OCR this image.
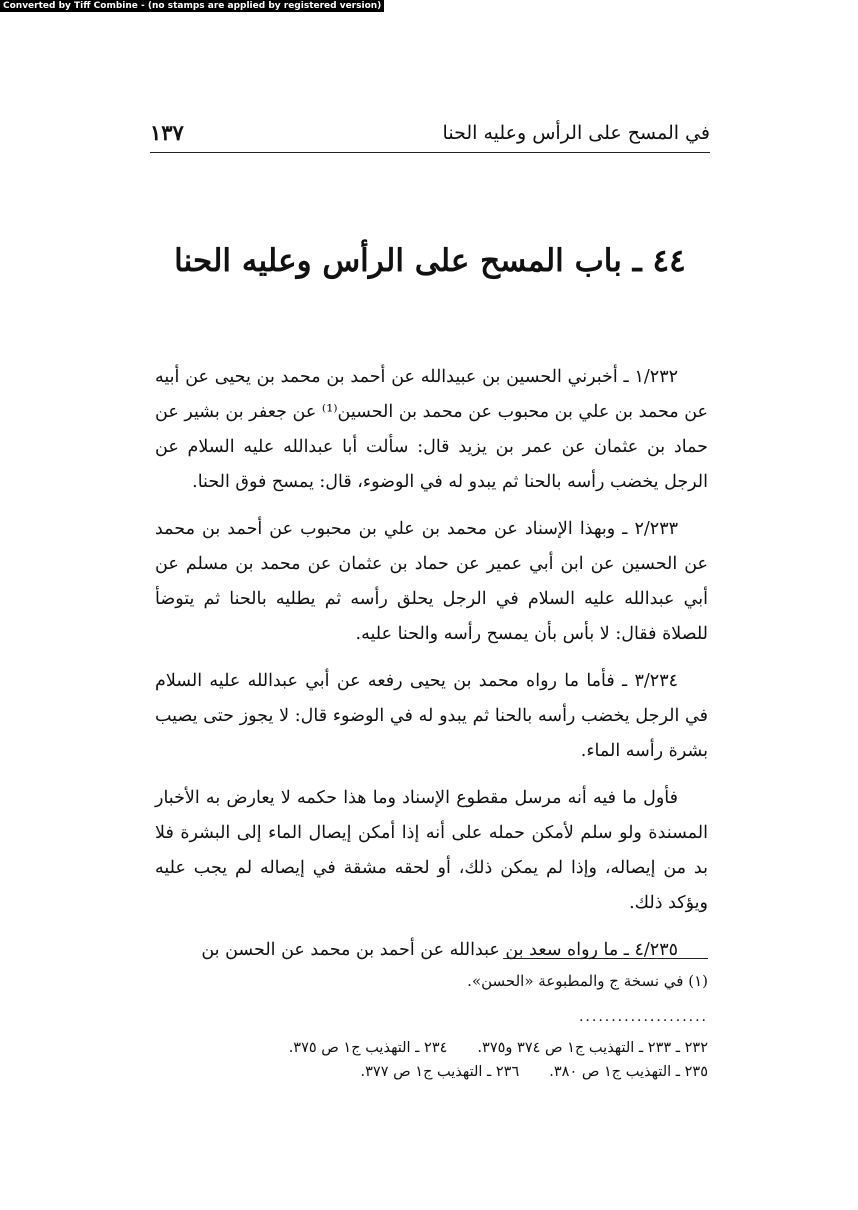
Converted by Tiff Combine - (no stamps are applied by registered version)
في المسح على الرأس وعليه الحنا
١٣٧
٤٤ ـ باب المسح على الرأس وعليه الحنا

١/٢٣٢ ـ أخبرني الحسين بن عبيدالله عن أحمد بن محمد بن يحيى عن أبيه عن محمد بن علي بن محبوب عن محمد بن الحسين⁽¹⁾ عن جعفر بن بشير عن حماد بن عثمان عن عمر بن يزيد قال: سألت أبا عبدالله عليه السلام عن الرجل يخضب رأسه بالحنا ثم يبدو له في الوضوء، قال: يمسح فوق الحنا.

٢/٢٣٣ ـ وبهذا الإسناد عن محمد بن علي بن محبوب عن أحمد بن محمد عن الحسين عن ابن أبي عمير عن حماد بن عثمان عن محمد بن مسلم عن أبي عبدالله عليه السلام في الرجل يحلق رأسه ثم يطليه بالحنا ثم يتوضأ للصلاة فقال: لا بأس بأن يمسح رأسه والحنا عليه.

٣/٢٣٤ ـ فأما ما رواه محمد بن يحيى رفعه عن أبي عبدالله عليه السلام في الرجل يخضب رأسه بالحنا ثم يبدو له في الوضوء قال: لا يجوز حتى يصيب بشرة رأسه الماء.

فأول ما فيه أنه مرسل مقطوع الإسناد وما هذا حكمه لا يعارض به الأخبار المسندة ولو سلم لأمكن حمله على أنه إذا أمكن إيصال الماء إلى البشرة فلا بد من إيصاله، وإذا لم يمكن ذلك، أو لحقه مشقة في إيصاله لم يجب عليه ويؤكد ذلك.

٤/٢٣٥ ـ ما رواه سعد بن عبدالله عن أحمد بن محمد عن الحسن بن

(١) في نسخة ج والمطبوعة «الحسن».
....................
٢٣٢ ـ ٢٣٣ ـ التهذيب ج١ ص ٣٧٤ و٣٧٥.
٢٣٤ ـ التهذيب ج١ ص ٣٧٥.
٢٣٥ ـ التهذيب ج١ ص ٣٨٠.
٢٣٦ ـ التهذيب ج١ ص ٣٧٧.
